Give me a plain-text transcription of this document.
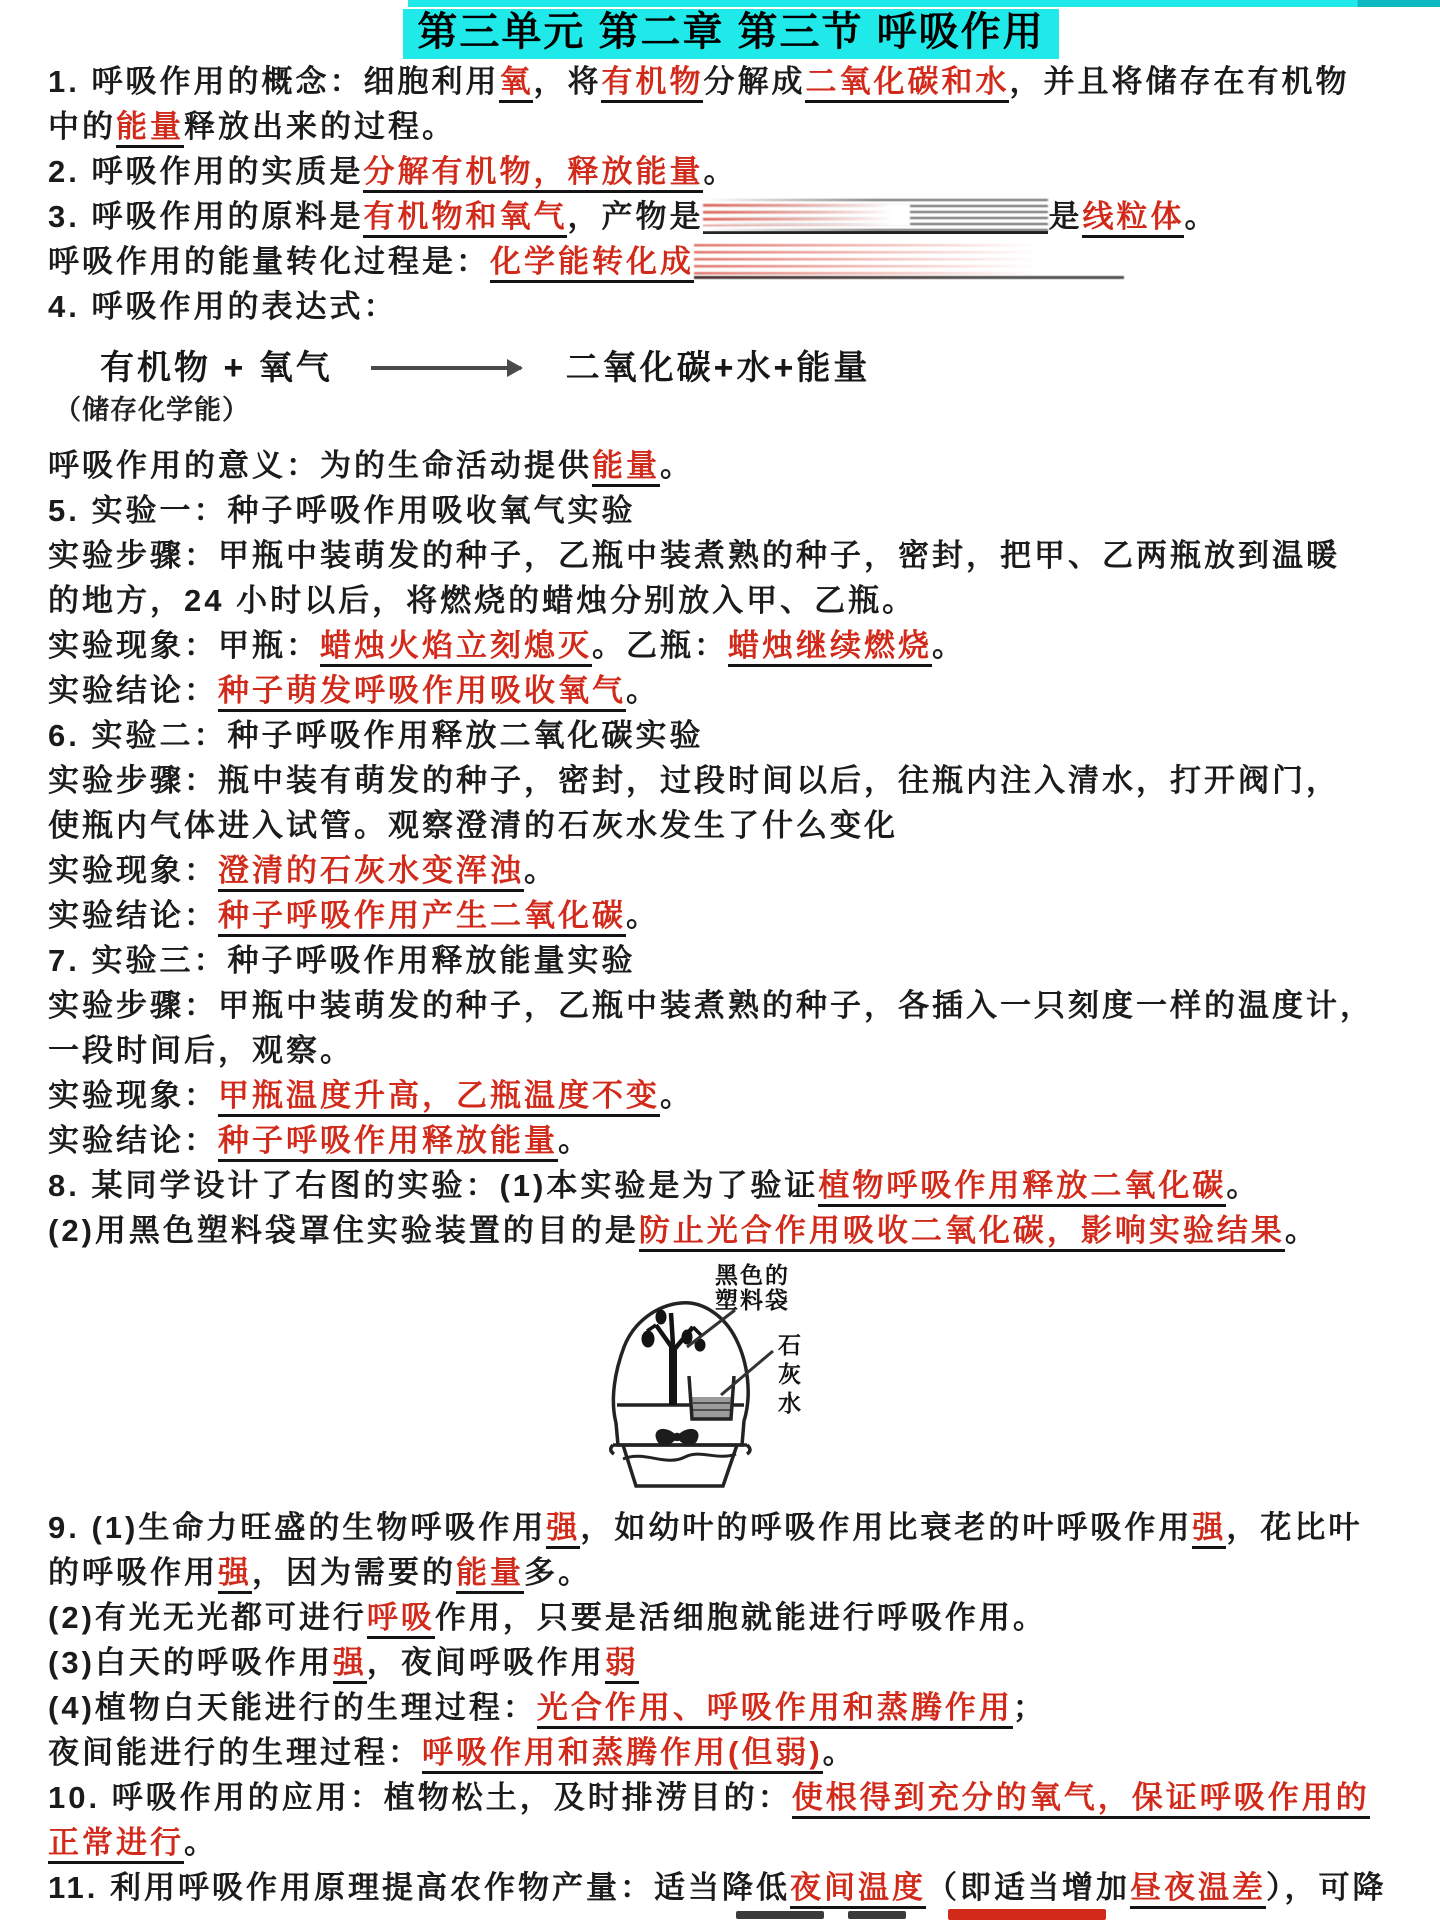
第三单元 第二章 第三节 呼吸作用
1. 呼吸作用的概念：细胞利用氧，将有机物分解成二氧化碳和水，并且将储存在有机物
中的能量释放出来的过程。
2. 呼吸作用的实质是分解有机物，释放能量。
3. 呼吸作用的原料是有机物和氧气，产物是	是线粒体。
呼吸作用的能量转化过程是：化学能转化成
4. 呼吸作用的表达式：
有机物 + 氧气	二氧化碳+水+能量
（储存化学能）
呼吸作用的意义：为的生命活动提供能量。
5. 实验一：种子呼吸作用吸收氧气实验
实验步骤：甲瓶中装萌发的种子，乙瓶中装煮熟的种子，密封，把甲、乙两瓶放到温暖
的地方，24 小时以后，将燃烧的蜡烛分别放入甲、乙瓶。
实验现象：甲瓶：蜡烛火焰立刻熄灭。乙瓶：蜡烛继续燃烧。
实验结论：种子萌发呼吸作用吸收氧气。
6. 实验二：种子呼吸作用释放二氧化碳实验
实验步骤：瓶中装有萌发的种子，密封，过段时间以后，往瓶内注入清水，打开阀门，
使瓶内气体进入试管。观察澄清的石灰水发生了什么变化
实验现象：澄清的石灰水变浑浊。
实验结论：种子呼吸作用产生二氧化碳。
7. 实验三：种子呼吸作用释放能量实验
实验步骤：甲瓶中装萌发的种子，乙瓶中装煮熟的种子，各插入一只刻度一样的温度计，
一段时间后，观察。
实验现象：甲瓶温度升高，乙瓶温度不变。
实验结论：种子呼吸作用释放能量。
8. 某同学设计了右图的实验：(1)本实验是为了验证植物呼吸作用释放二氧化碳。
(2)用黑色塑料袋罩住实验装置的目的是防止光合作用吸收二氧化碳，影响实验结果。
黑色的
塑料袋
石灰水
9. (1)生命力旺盛的生物呼吸作用强，如幼叶的呼吸作用比衰老的叶呼吸作用强，花比叶
的呼吸作用强，因为需要的能量多。
(2)有光无光都可进行呼吸作用，只要是活细胞就能进行呼吸作用。
(3)白天的呼吸作用强，夜间呼吸作用弱
(4)植物白天能进行的生理过程：光合作用、呼吸作用和蒸腾作用；
夜间能进行的生理过程：呼吸作用和蒸腾作用(但弱)。
10. 呼吸作用的应用：植物松土，及时排涝目的：使根得到充分的氧气，保证呼吸作用的
正常进行。
11. 利用呼吸作用原理提高农作物产量：适当降低夜间温度（即适当增加昼夜温差），可降
